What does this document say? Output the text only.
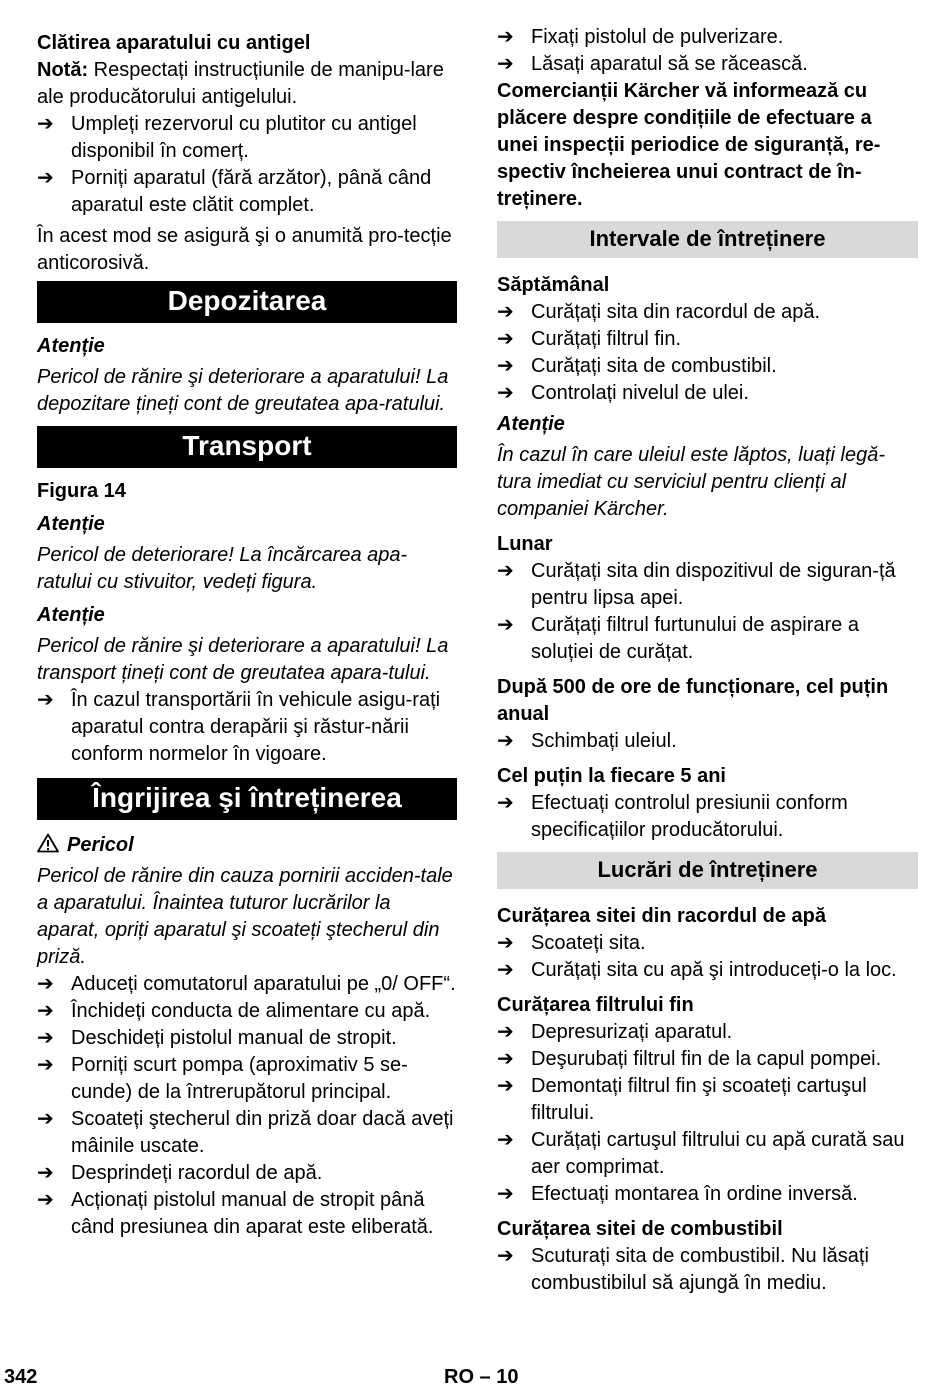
Clătirea aparatului cu antigel

Notă: Respectați instrucțiunile de manipu-lare ale producătorului antigelului.

➔ Umpleți rezervorul cu plutitor cu antigel disponibil în comerț.

➔ Porniți aparatul (fără arzător), până când aparatul este clătit complet.

În acest mod se asigură şi o anumită pro-tecție anticorosivă.

Depozitarea

Atenție

Pericol de rănire şi deteriorare a aparatului! La depozitare țineți cont de greutatea apa-ratului.

Transport

Figura 14

Atenție

Pericol de deteriorare! La încărcarea apa-ratului cu stivuitor, vedeți figura.

Atenție

Pericol de rănire şi deteriorare a aparatului! La transport țineți cont de greutatea apara-tului.

➔ În cazul transportării în vehicule asigu-rați aparatul contra derapării şi răstur-nării conform normelor în vigoare.

Îngrijirea şi întreținerea

Pericol

Pericol de rănire din cauza pornirii acciden-tale a aparatului. Înaintea tuturor lucrărilor la aparat, opriți aparatul şi scoateți ştecherul din priză.

➔ Aduceți comutatorul aparatului pe „0/ OFF“.

➔ Închideți conducta de alimentare cu apă.

➔ Deschideți pistolul manual de stropit.

➔ Porniți scurt pompa (aproximativ 5 se-cunde) de la întrerupătorul principal.

➔ Scoateți ştecherul din priză doar dacă aveți mâinile uscate.

➔ Desprindeți racordul de apă.

➔ Acționați pistolul manual de stropit până când presiunea din aparat este eliberată.

➔ Fixați pistolul de pulverizare.

➔ Lăsați aparatul să se răcească.

Comercianții Kärcher vă informează cu plăcere despre condițiile de efectuare a unei inspecții periodice de siguranță, re-spectiv încheierea unui contract de în-treținere.

Intervale de întreținere

Săptămânal

➔ Curățați sita din racordul de apă.

➔ Curățați filtrul fin.

➔ Curățați sita de combustibil.

➔ Controlați nivelul de ulei.

Atenție

În cazul în care uleiul este lăptos, luați legă-tura imediat cu serviciul pentru clienți al companiei Kärcher.

Lunar

➔ Curățați sita din dispozitivul de siguran-ță pentru lipsa apei.

➔ Curățați filtrul furtunului de aspirare a soluției de curățat.

După 500 de ore de funcționare, cel puțin anual

➔ Schimbați uleiul.

Cel puțin la fiecare 5 ani

➔ Efectuați controlul presiunii conform specificațiilor producătorului.

Lucrări de întreținere

Curățarea sitei din racordul de apă

➔ Scoateți sita.

➔ Curățați sita cu apă şi introduceți-o la loc.

Curățarea filtrului fin

➔ Depresurizați aparatul.

➔ Deşurubați filtrul fin de la capul pompei.

➔ Demontați filtrul fin şi scoateți cartuşul filtrului.

➔ Curățați cartuşul filtrului cu apă curată sau aer comprimat.

➔ Efectuați montarea în ordine inversă.

Curățarea sitei de combustibil

➔ Scuturați sita de combustibil. Nu lăsați combustibilul să ajungă în mediu.

342	RO – 10
